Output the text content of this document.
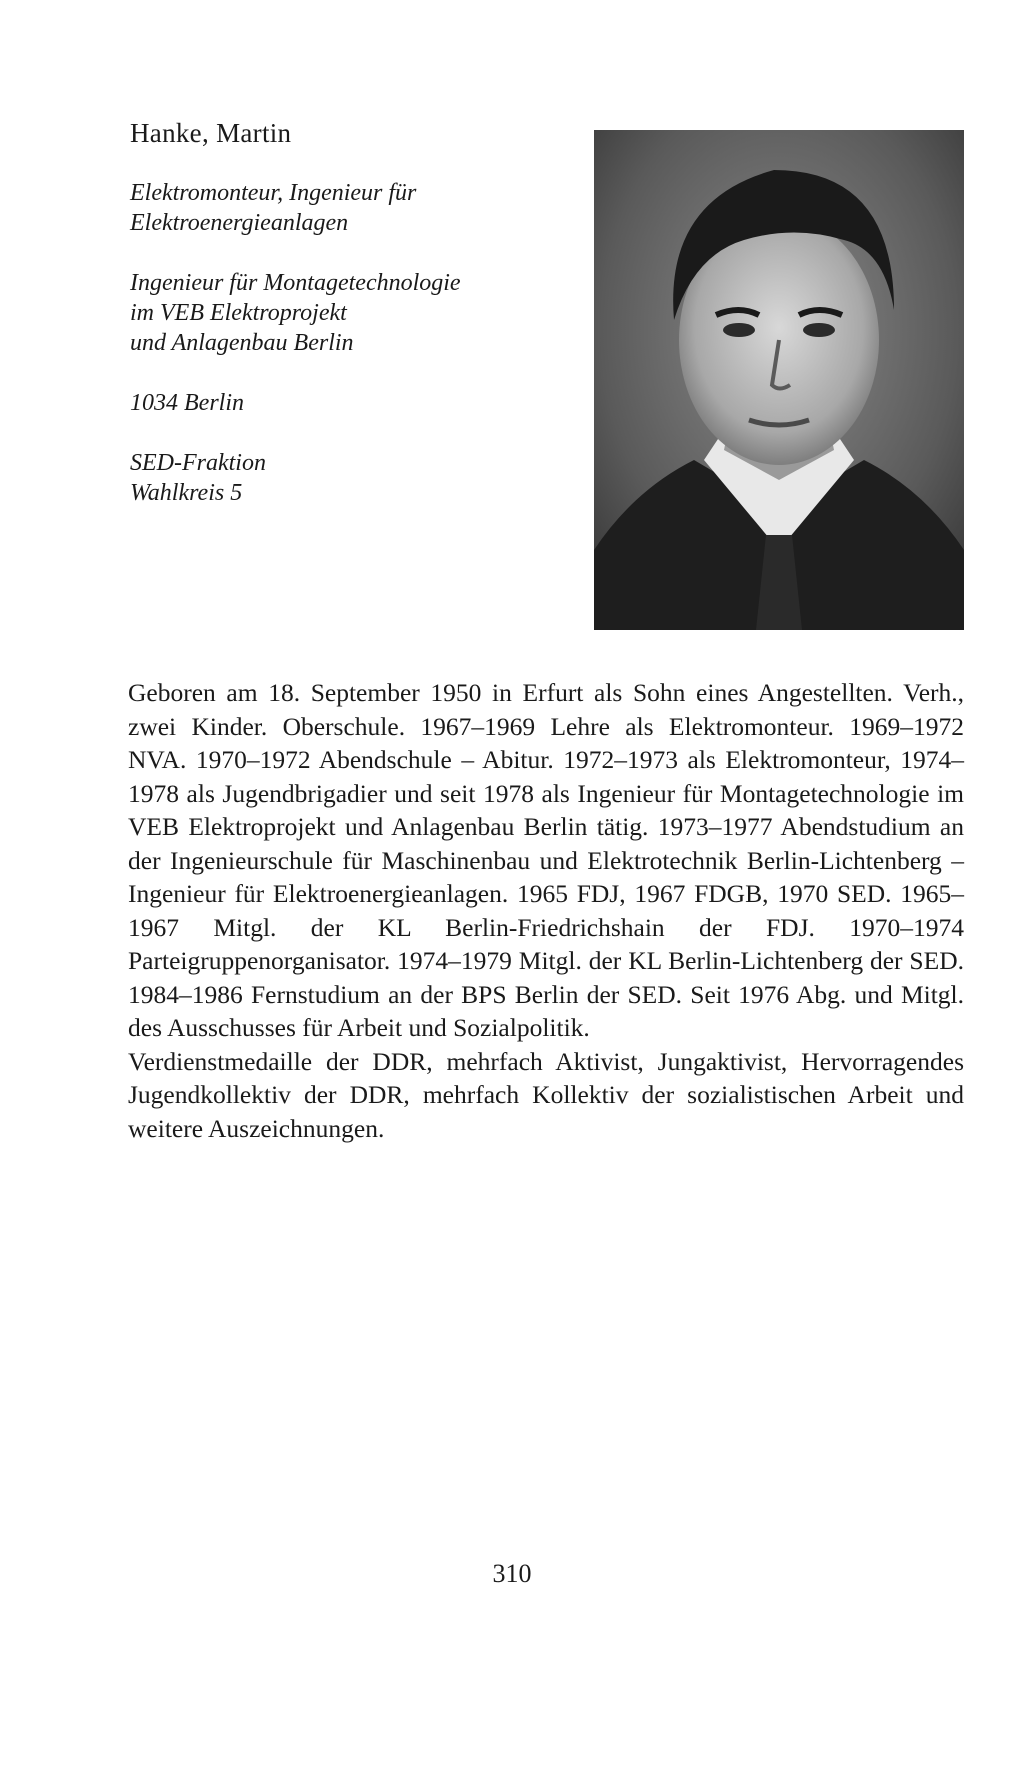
Hanke, Martin
Elektromonteur, Ingenieur für
Elektroenergieanlagen
Ingenieur für Montagetechnologie
im VEB Elektroprojekt
und Anlagenbau Berlin
1034 Berlin
SED-Fraktion
Wahlkreis 5

Geboren am 18. September 1950 in Erfurt als Sohn eines Angestellten. Verh., zwei Kinder. Oberschule. 1967–1969 Lehre als Elektromonteur. 1969–1972 NVA. 1970–1972 Abendschule – Abitur. 1972–1973 als Elektromonteur, 1974–1978 als Jugendbrigadier und seit 1978 als Ingenieur für Montagetechnologie im VEB Elektroprojekt und Anlagenbau Berlin tätig. 1973–1977 Abendstudium an der Ingenieurschule für Maschinenbau und Elektrotechnik Berlin-Lichtenberg – Ingenieur für Elektroenergieanlagen. 1965 FDJ, 1967 FDGB, 1970 SED. 1965–1967 Mitgl. der KL Berlin-Friedrichshain der FDJ. 1970–1974 Parteigruppenorganisator. 1974–1979 Mitgl. der KL Berlin-Lichtenberg der SED. 1984–1986 Fernstudium an der BPS Berlin der SED. Seit 1976 Abg. und Mitgl. des Ausschusses für Arbeit und Sozialpolitik.

Verdienstmedaille der DDR, mehrfach Aktivist, Jungaktivist, Hervorragendes Jugendkollektiv der DDR, mehrfach Kollektiv der sozialistischen Arbeit und weitere Auszeichnungen.

310
